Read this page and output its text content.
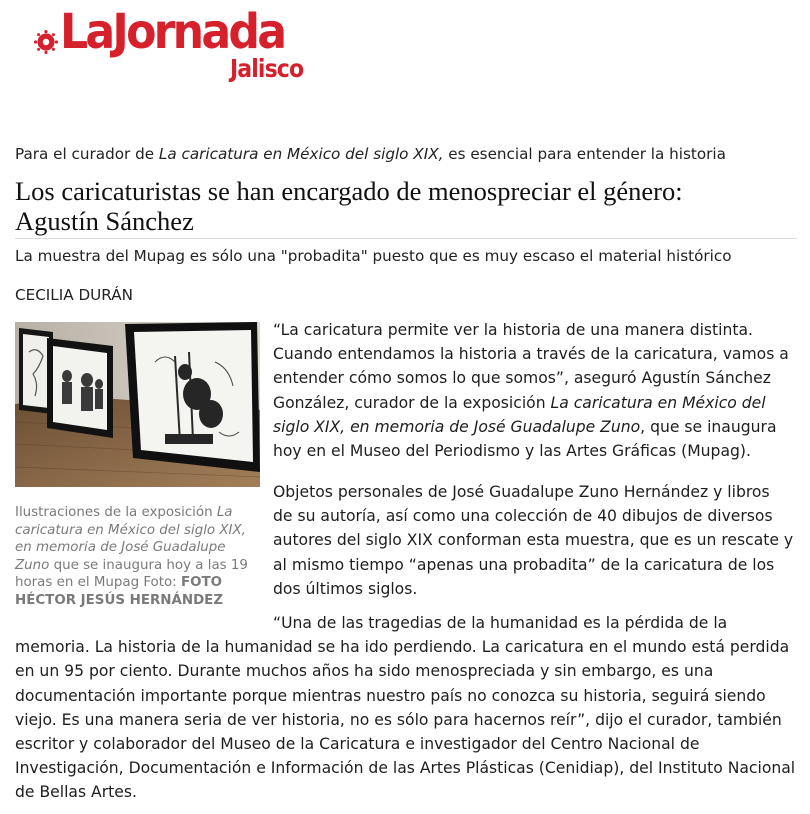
LaJornada
Jalisco
Para el curador de La caricatura en México del siglo XIX, es esencial para entender la historia
Los caricaturistas se han encargado de menospreciar el género:
Agustín Sánchez
La muestra del Mupag es sólo una "probadita" puesto que es muy escaso el material histórico
CECILIA DURÁN
Ilustraciones de la exposición La
caricatura en México del siglo XIX,
en memoria de José Guadalupe
Zuno que se inaugura hoy a las 19
horas en el Mupag Foto: FOTO
HÉCTOR JESÚS HERNÁNDEZ
“La caricatura permite ver la historia de una manera distinta.
Cuando entendamos la historia a través de la caricatura, vamos a
entender cómo somos lo que somos”, aseguró Agustín Sánchez
González, curador de la exposición La caricatura en México del
siglo XIX, en memoria de José Guadalupe Zuno, que se inaugura
hoy en el Museo del Periodismo y las Artes Gráficas (Mupag).
Objetos personales de José Guadalupe Zuno Hernández y libros
de su autoría, así como una colección de 40 dibujos de diversos
autores del siglo XIX conforman esta muestra, que es un rescate y
al mismo tiempo “apenas una probadita” de la caricatura de los
dos últimos siglos.
“Una de las tragedias de la humanidad es la pérdida de la
memoria. La historia de la humanidad se ha ido perdiendo. La caricatura en el mundo está perdida
en un 95 por ciento. Durante muchos años ha sido menospreciada y sin embargo, es una
documentación importante porque mientras nuestro país no conozca su historia, seguirá siendo
viejo. Es una manera seria de ver historia, no es sólo para hacernos reír”, dijo el curador, también
escritor y colaborador del Museo de la Caricatura e investigador del Centro Nacional de
Investigación, Documentación e Información de las Artes Plásticas (Cenidiap), del Instituto Nacional
de Bellas Artes.
